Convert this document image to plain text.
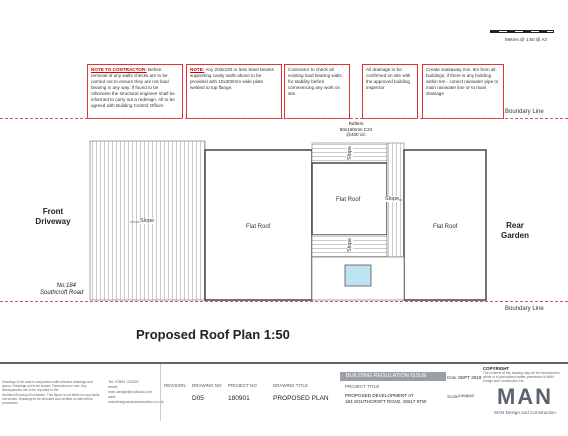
Metres @ 1:50 @ A3
NOTE TO CONTRACTOR: Before removal of any walls checks are to be carried out to ensure they are not load bearing in any way. If found to be otherwise the structural engineer shall be informed to carry out a redesign. All to be agreed with Building Control Officer.
NOTE: Any 203x230 or less Steel beams supporting cavity walls above to be provided with 10x300mm wide plate welded to top flange.
Contractor to check all existing load bearing walls for stability before commencing any work on site
All drainage to be confirmed on site with the approved building inspector
Create soakaway min. 5m from all buildings, if there is any building within 5m - conect rainwater pipe to main rainwater line or to main drainage
Boundary Line
Boundary Line
Front
Driveway	Rear
Garden
No:184
Southcroft Road
Rafters
50x150mm C24
@400 c/c
Flat Roof
Flat Roof
Flat Roof
Slope
Slope
Slope
Slope
Proposed Roof Plan 1:50
Drawings to be read in conjunction with relevant drawings and specs. Drawings not to be scaled. Dimensions in mm. Any discrepancies are to be reported to the Architect/Surveyor/Contractor. This figure is not liable for any faults not shown. Drawings to be checked and verified on site before production.
Tel: 07881 023357
email: man.design@outlook.com
web: mandesignandconstruction.co.uk
REVISION DRAWING NO
D05
PROJECT NO
180901
DRAWING TITLE
PROPOSED PLAN
BUILDING REGULATION ISSUE
PROJECT TITLE
PROPOSED DEVELOPMENT AT
184 SOUTHCROFT ROAD, SW17 9TW
Date SEPT 2018
Scale 1:50@A3
COPYRIGHT
The contents of this drawing may not be reproduced in whole or in part without written permission of MAN Design and Construction Ltd.
MAN
MAN Design and Construction
